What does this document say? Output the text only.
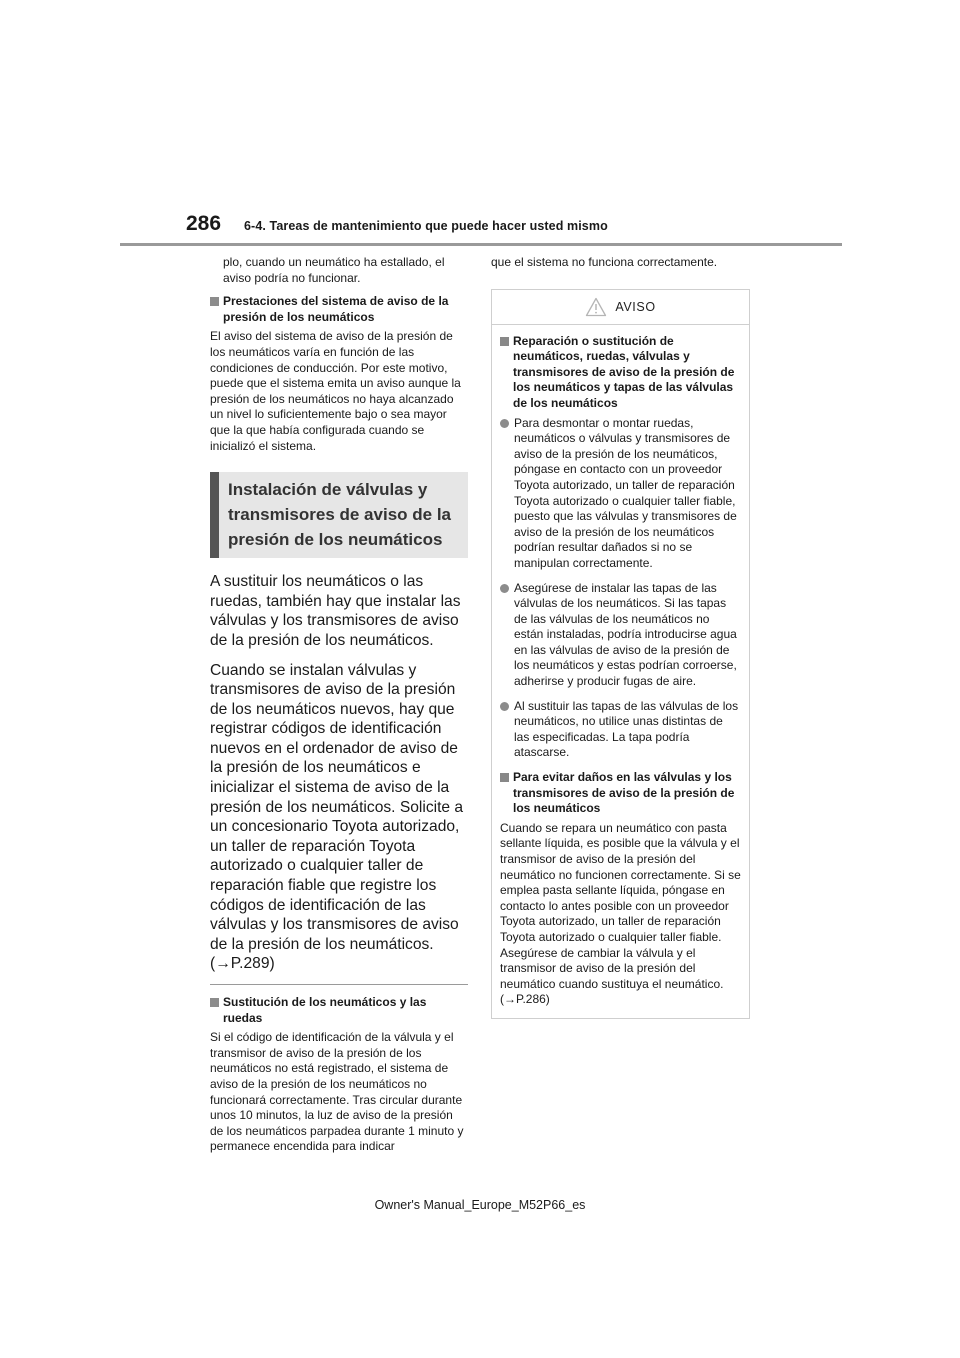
286 6-4. Tareas de mantenimiento que puede hacer usted mismo

plo, cuando un neumático ha estallado, el aviso podría no funcionar.

Prestaciones del sistema de aviso de la presión de los neumáticos

El aviso del sistema de aviso de la presión de los neumáticos varía en función de las condiciones de conducción. Por este motivo, puede que el sistema emita un aviso aunque la presión de los neumáticos no haya alcanzado un nivel lo suficientemente bajo o sea mayor que la que había configurada cuando se inicializó el sistema.

Instalación de válvulas y transmisores de aviso de la presión de los neumáticos

A sustituir los neumáticos o las ruedas, también hay que instalar las válvulas y los transmisores de aviso de la presión de los neumáticos.

Cuando se instalan válvulas y transmisores de aviso de la presión de los neumáticos nuevos, hay que registrar códigos de identificación nuevos en el ordenador de aviso de la presión de los neumáticos e inicializar el sistema de aviso de la presión de los neumáticos. Solicite a un concesionario Toyota autorizado, un taller de reparación Toyota autorizado o cualquier taller de reparación fiable que registre los códigos de identificación de las válvulas y los transmisores de aviso de la presión de los neumáticos. (→P.289)

Sustitución de los neumáticos y las ruedas

Si el código de identificación de la válvula y el transmisor de aviso de la presión de los neumáticos no está registrado, el sistema de aviso de la presión de los neumáticos no funcionará correctamente. Tras circular durante unos 10 minutos, la luz de aviso de la presión de los neumáticos parpadea durante 1 minuto y permanece encendida para indicar

que el sistema no funciona correctamente.

AVISO
Reparación o sustitución de neumáticos, ruedas, válvulas y transmisores de aviso de la presión de los neumáticos y tapas de las válvulas de los neumáticos
Para desmontar o montar ruedas, neumáticos o válvulas y transmisores de aviso de la presión de los neumáticos, póngase en contacto con un proveedor Toyota autorizado, un taller de reparación Toyota autorizado o cualquier taller fiable, puesto que las válvulas y transmisores de aviso de la presión de los neumáticos podrían resultar dañados si no se manipulan correctamente.
Asegúrese de instalar las tapas de las válvulas de los neumáticos. Si las tapas de las válvulas de los neumáticos no están instaladas, podría introducirse agua en las válvulas de aviso de la presión de los neumáticos y estas podrían corroerse, adherirse y producir fugas de aire.
Al sustituir las tapas de las válvulas de los neumáticos, no utilice unas distintas de las especificadas. La tapa podría atascarse.
Para evitar daños en las válvulas y los transmisores de aviso de la presión de los neumáticos

Cuando se repara un neumático con pasta sellante líquida, es posible que la válvula y el transmisor de aviso de la presión del neumático no funcionen correctamente. Si se emplea pasta sellante líquida, póngase en contacto lo antes posible con un proveedor Toyota autorizado, un taller de reparación Toyota autorizado o cualquier taller fiable. Asegúrese de cambiar la válvula y el transmisor de aviso de la presión del neumático cuando sustituya el neumático. (→P.286)

Owner's Manual_Europe_M52P66_es
